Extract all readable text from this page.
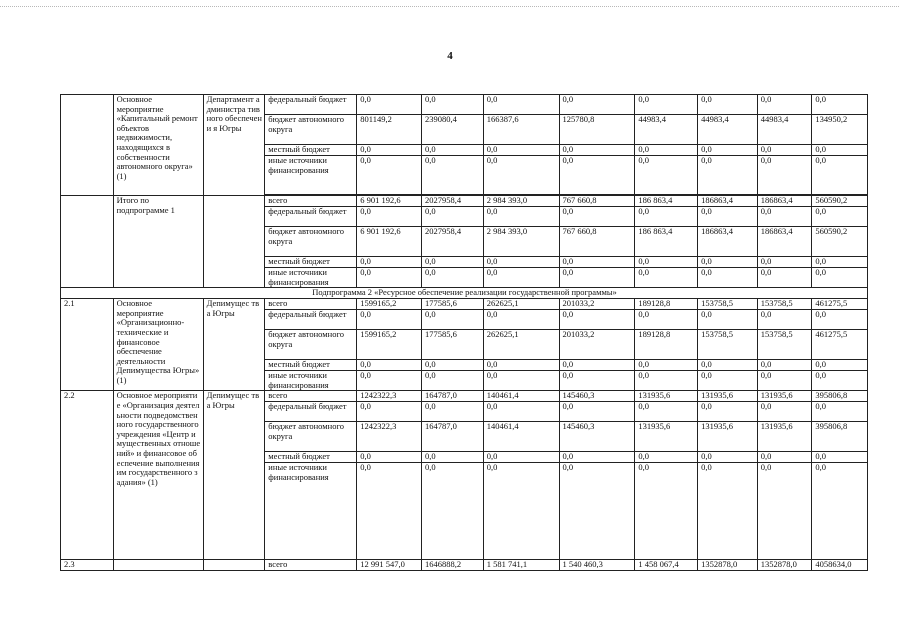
4
	Основное мероприятие «Капитальный ремонт объектов недвижимости, находящихся в собственности автономного округа» (1)	Департамент администра тивного обеспечени я Югры	федеральный бюджет	0,0	0,0	0,0	0,0	0,0	0,0	0,0	0,0
			бюджет автономного округа	801149,2	239080,4	166387,6	125780,8	44983,4	44983,4	44983,4	134950,2
			местный бюджет	0,0	0,0	0,0	0,0	0,0	0,0	0,0	0,0
			иные источники финансирования	0,0	0,0	0,0	0,0	0,0	0,0	0,0	0,0

	Итого по подпрограмме 1		всего	6 901 192,6	2027958,4	2 984 393,0	767 660,8	186 863,4	186863,4	186863,4	560590,2
			федеральный бюджет	0,0	0,0	0,0	0,0	0,0	0,0	0,0	0,0
			бюджет автономного округа	6 901 192,6	2027958,4	2 984 393,0	767 660,8	186 863,4	186863,4	186863,4	560590,2
			местный бюджет	0,0	0,0	0,0	0,0	0,0	0,0	0,0	0,0
			иные источники финансирования	0,0	0,0	0,0	0,0	0,0	0,0	0,0	0,0
Подпрограмма 2 «Ресурсное обеспечение реализации государственной программы»											
2.1	Основное мероприятие «Организационно-технические и финансовое обеспечение деятельности Депимущества Югры» (1)	Депимущес тва Югры	всего	1599165,2	177585,6	262625,1	201033,2	189128,8	153758,5	153758,5	461275,5
			федеральный бюджет	0,0	0,0	0,0	0,0	0,0	0,0	0,0	0,0
			бюджет автономного округа	1599165,2	177585,6	262625,1	201033,2	189128,8	153758,5	153758,5	461275,5
			местный бюджет	0,0	0,0	0,0	0,0	0,0	0,0	0,0	0,0
			иные источники финансирования	0,0	0,0	0,0	0,0	0,0	0,0	0,0	0,0
2.2	Основное мероприятие «Организация деятельности подведомственного государственного учреждения «Центр имущественных отношений» и финансовое обеспечение выполнения им государственного задания» (1)	Депимущес тва Югры	всего	1242322,3	164787,0	140461,4	145460,3	131935,6	131935,6	131935,6	395806,8
			федеральный бюджет	0,0	0,0	0,0	0,0	0,0	0,0	0,0	0,0
			бюджет автономного округа	1242322,3	164787,0	140461,4	145460,3	131935,6	131935,6	131935,6	395806,8
			местный бюджет	0,0	0,0	0,0	0,0	0,0	0,0	0,0	0,0
			иные источники финансирования	0,0	0,0	0,0	0,0	0,0	0,0	0,0	0,0
2.3			всего	12 991 547,0	1646888,2	1 581 741,1	1 540 460,3	1 458 067,4	1352878,0	1352878,0	4058634,0
